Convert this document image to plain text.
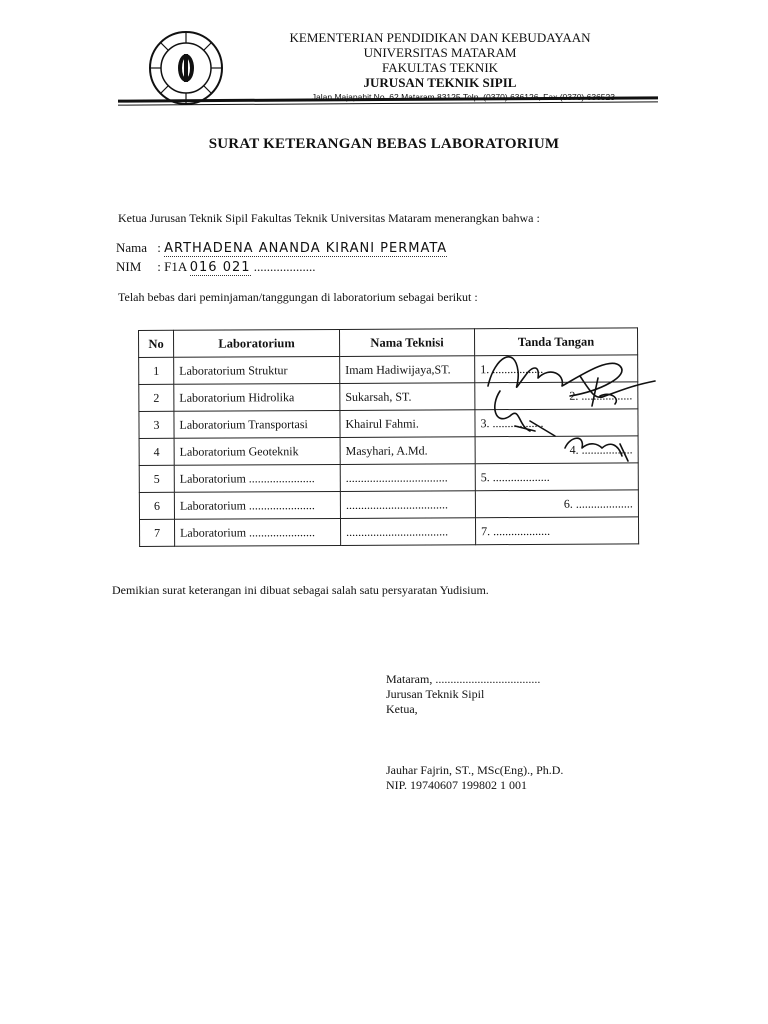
KEMENTERIAN PENDIDIKAN DAN KEBUDAYAAN
UNIVERSITAS MATARAM
FAKULTAS TEKNIK
JURUSAN TEKNIK SIPIL
Jalan Majapahit No. 62 Mataram 83125 Telp. (0370) 636126, Fax (0370) 636523
SURAT KETERANGAN BEBAS LABORATORIUM
Ketua Jurusan Teknik Sipil Fakultas Teknik Universitas Mataram menerangkan bahwa :
Nama : ARTHADENA ANANDA KIRANI PERMATA
NIM : F1A 016 021 ...................
Telah bebas dari peminjaman/tanggungan di laboratorium sebagai berikut :
No	Laboratorium	Nama Teknisi	Tanda Tangan
1	Laboratorium Struktur	Imam Hadiwijaya,ST.	1. .................
2	Laboratorium Hidrolika	Sukarsah, ST.	2. .................
3	Laboratorium Transportasi	Khairul Fahmi.	3. .................
4	Laboratorium Geoteknik	Masyhari, A.Md.	4. .................
5	Laboratorium ......................	..................................	5. ...................
6	Laboratorium ......................	..................................	6. ...................
7	Laboratorium ......................	..................................	7. ...................
Demikian surat keterangan ini dibuat sebagai salah satu persyaratan Yudisium.
Mataram, ...................................
Jurusan Teknik Sipil
Ketua,
Jauhar Fajrin, ST., MSc(Eng)., Ph.D.
NIP. 19740607 199802 1 001
